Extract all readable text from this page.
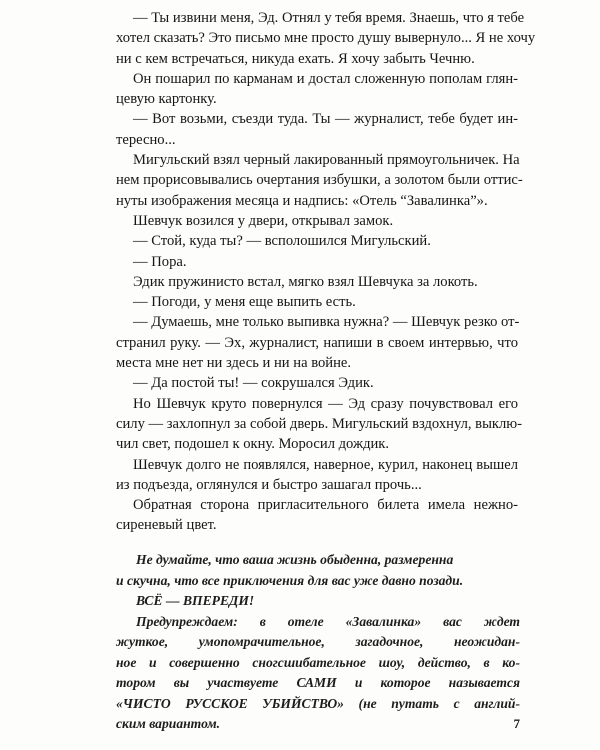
— Ты извини меня, Эд. Отнял у тебя время. Знаешь, что я тебе
хотел сказать? Это письмо мне просто душу вывернуло... Я не хочу
ни с кем встречаться, никуда ехать. Я хочу забыть Чечню.
Он пошарил по карманам и достал сложенную пополам глян-
цевую картонку.
— Вот возьми, съезди туда. Ты — журналист, тебе будет ин-
тересно...
Мигульский взял черный лакированный прямоугольничек. На
нем прорисовывались очертания избушки, а золотом были оттис-
нуты изображения месяца и надпись: «Отель “Завалинка”».
Шевчук возился у двери, открывал замок.
— Стой, куда ты? — всполошился Мигульский.
— Пора.
Эдик пружинисто встал, мягко взял Шевчука за локоть.
— Погоди, у меня еще выпить есть.
— Думаешь, мне только выпивка нужна? — Шевчук резко от-
странил руку. — Эх, журналист, напиши в своем интервью, что
места мне нет ни здесь и ни на войне.
— Да постой ты! — сокрушался Эдик.
Но Шевчук круто повернулся — Эд сразу почувствовал его
силу — захлопнул за собой дверь. Мигульский вздохнул, выклю-
чил свет, подошел к окну. Моросил дождик.
Шевчук долго не появлялся, наверное, курил, наконец вышел
из подъезда, оглянулся и быстро зашагал прочь...
Обратная сторона пригласительного билета имела нежно-
сиреневый цвет.
Не думайте, что ваша жизнь обыденна, размеренна
и скучна, что все приключения для вас уже давно позади.
ВСЁ — ВПЕРЕДИ!
Предупреждаем: в отеле «Завалинка» вас ждет
жуткое, умопомрачительное, загадочное, неожидан-
ное и совершенно сногсшибательное шоу, действо, в ко-
тором вы участвуете САМИ и которое называется
«ЧИСТО РУССКОЕ УБИЙСТВО» (не путать с англий-
ским вариантом.	7
